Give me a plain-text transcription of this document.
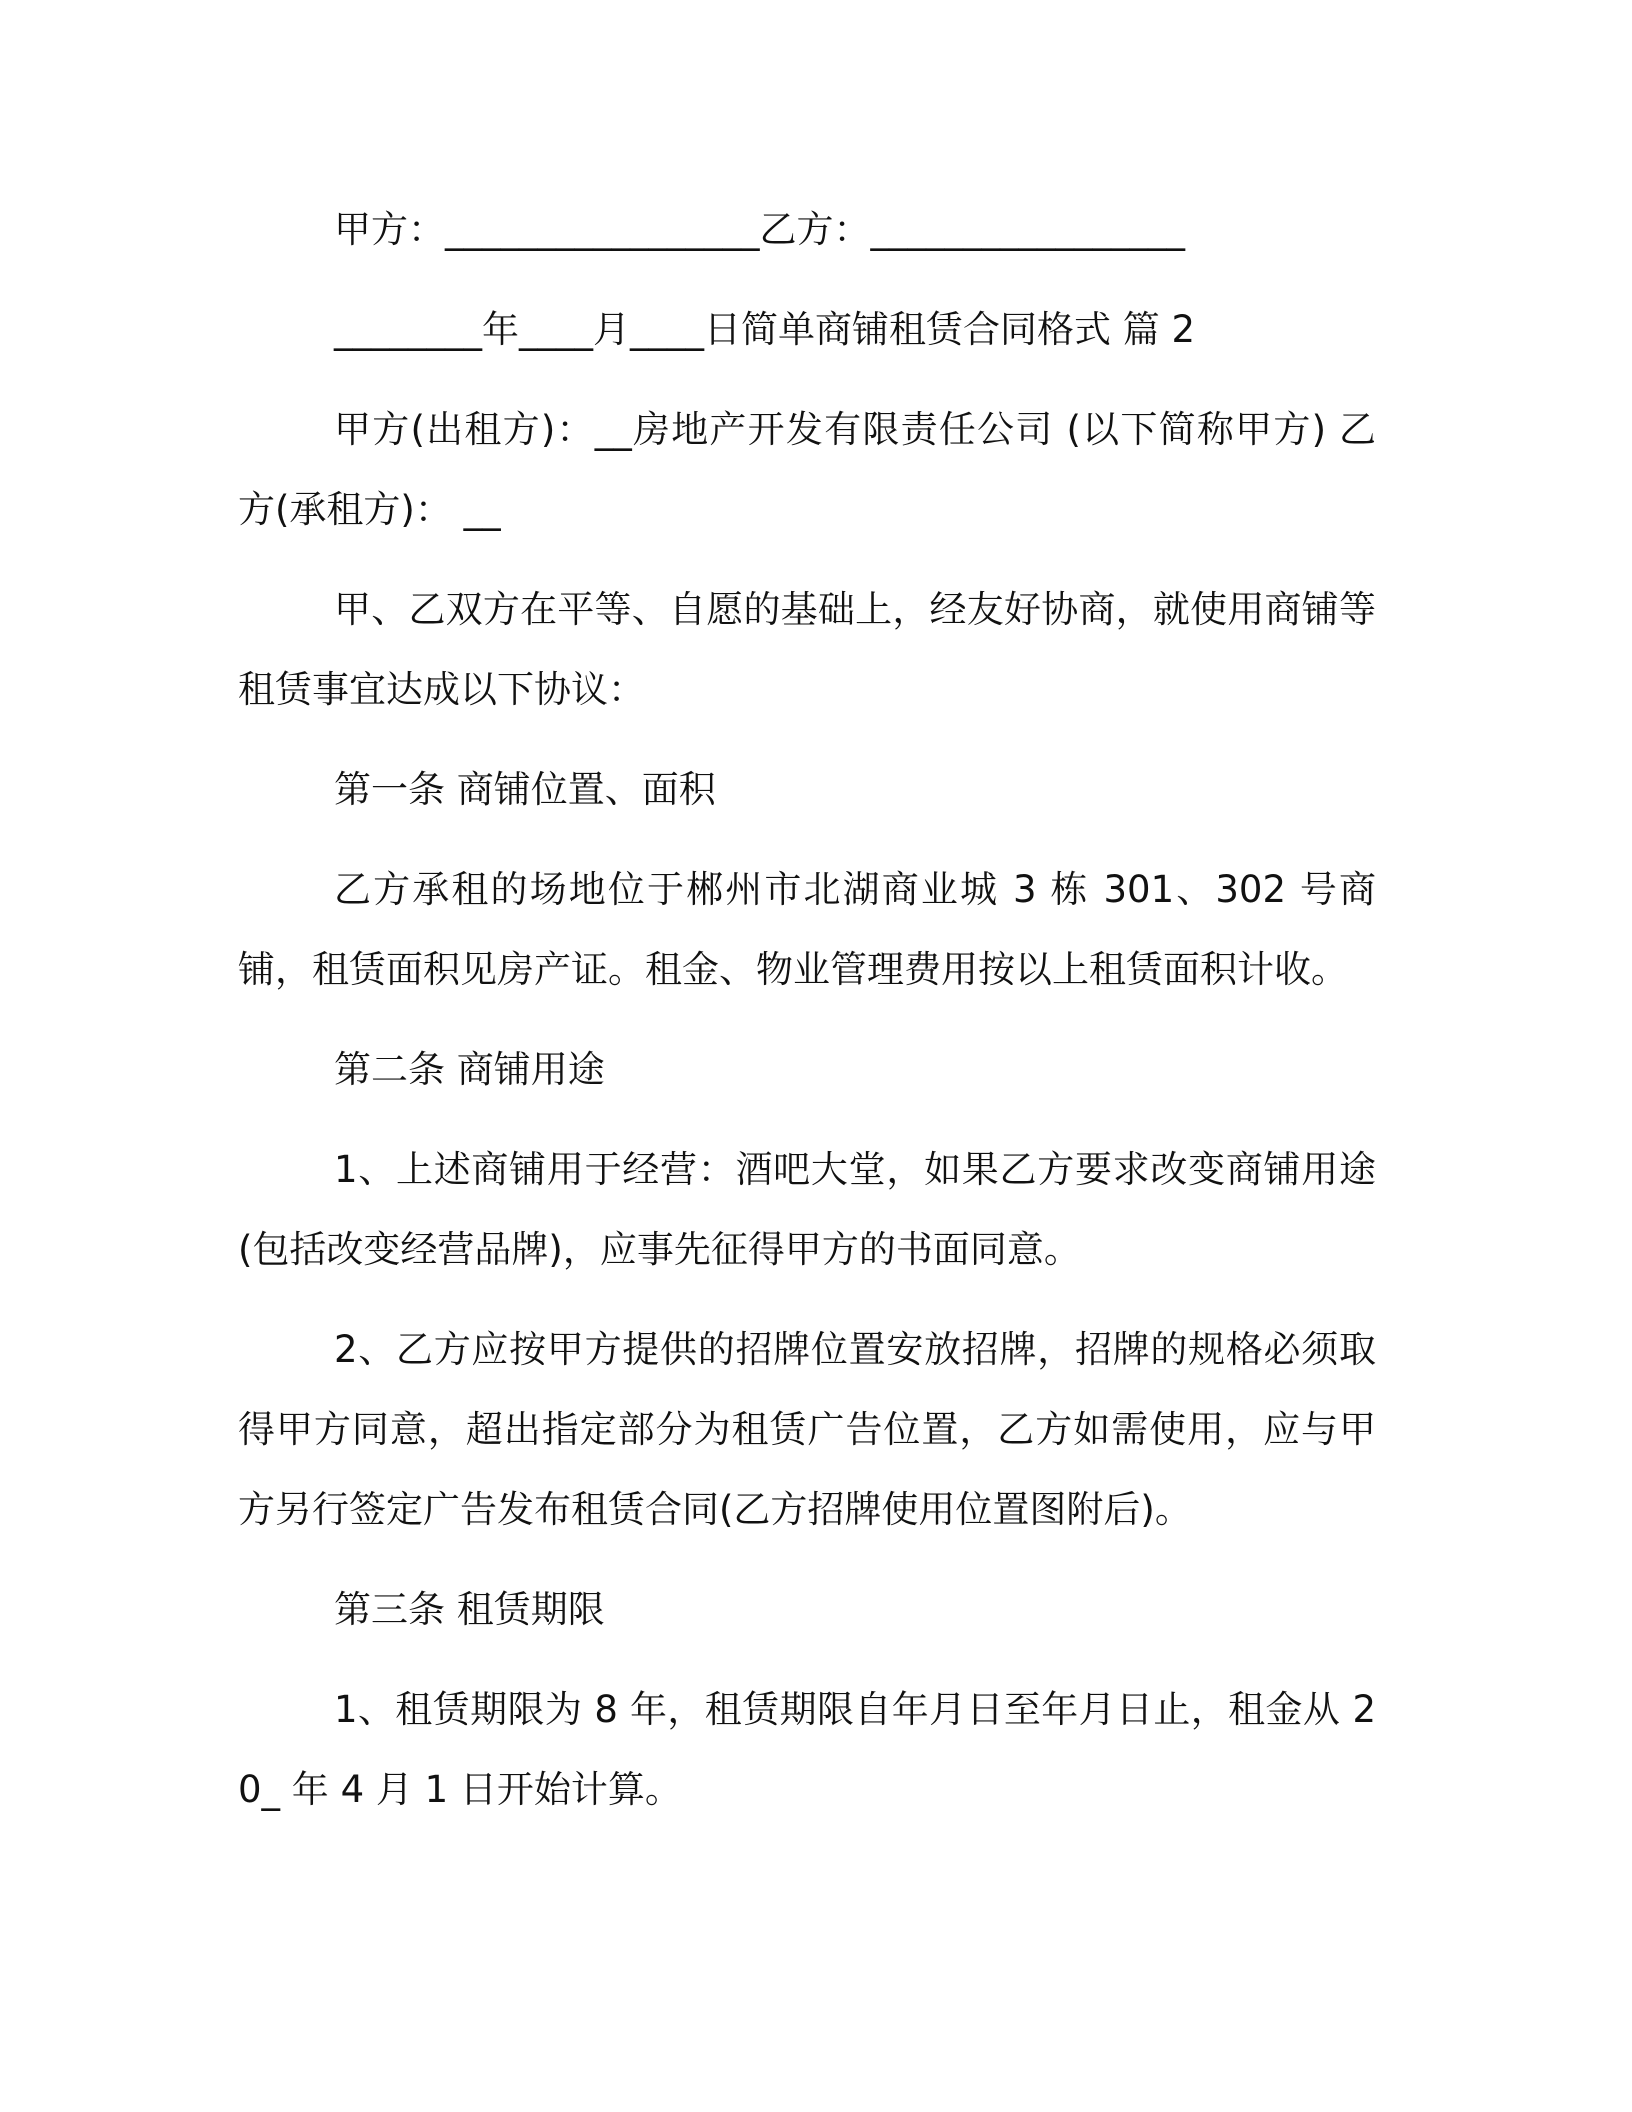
甲方：_________________乙方：_________________

________年____月____日简单商铺租赁合同格式 篇 2

甲方(出租方)：__房地产开发有限责任公司 (以下简称甲方) 乙方(承租方)： __

甲、乙双方在平等、自愿的基础上，经友好协商，就使用商铺等租赁事宜达成以下协议：

第一条 商铺位置、面积

乙方承租的场地位于郴州市北湖商业城 3 栋 301、302 号商铺，租赁面积见房产证。租金、物业管理费用按以上租赁面积计收。

第二条 商铺用途

1、上述商铺用于经营：酒吧大堂，如果乙方要求改变商铺用途(包括改变经营品牌)，应事先征得甲方的书面同意。

2、乙方应按甲方提供的招牌位置安放招牌，招牌的规格必须取得甲方同意，超出指定部分为租赁广告位置，乙方如需使用，应与甲方另行签定广告发布租赁合同(乙方招牌使用位置图附后)。

第三条 租赁期限

1、租赁期限为 8 年，租赁期限自年月日至年月日止，租金从 20_ 年 4 月 1 日开始计算。
